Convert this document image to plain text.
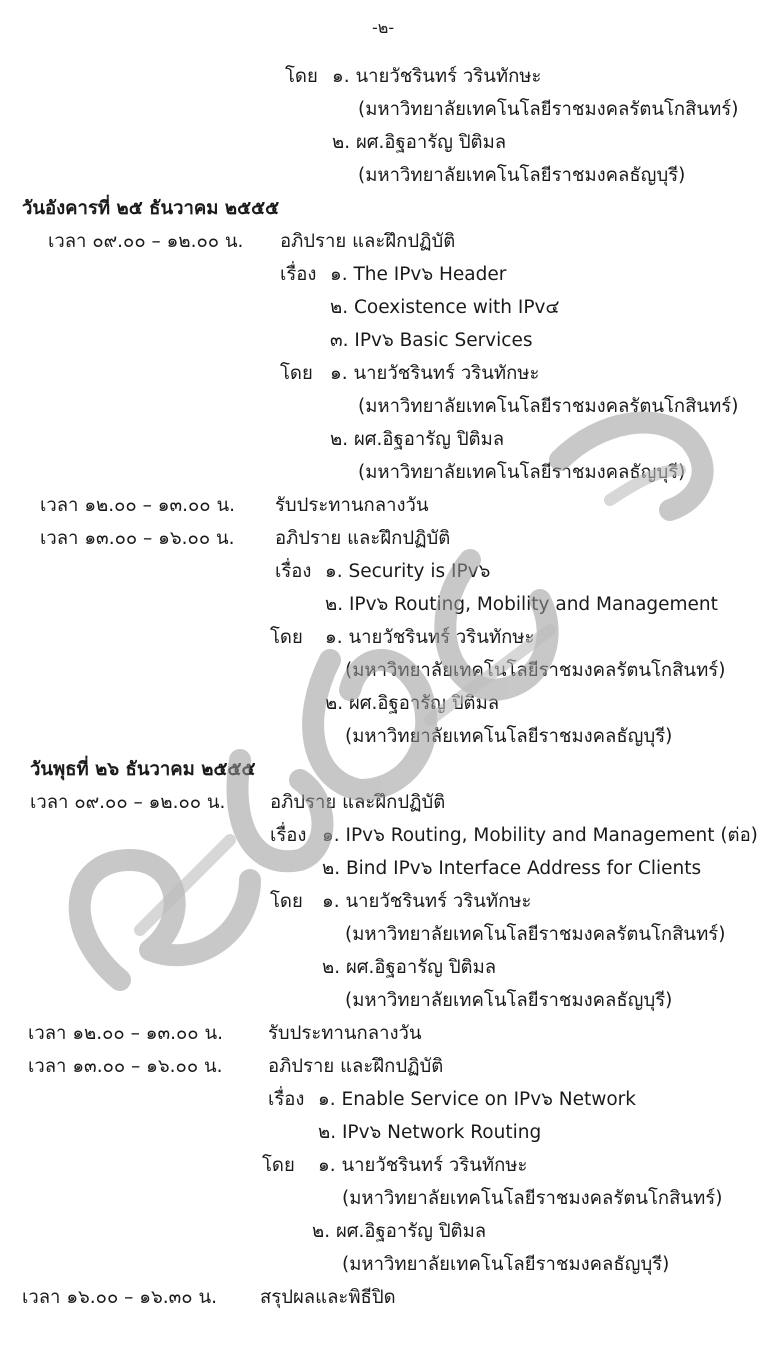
-๒-
โดย ๑. นายวัชรินทร์ วรินทักษะ
(มหาวิทยาลัยเทคโนโลยีราชมงคลรัตนโกสินทร์)
๒. ผศ.อิฐอารัญ ปิติมล
(มหาวิทยาลัยเทคโนโลยีราชมงคลธัญบุรี)
วันอังคารที่ ๒๕ ธันวาคม ๒๕๕๕
เวลา ๐๙.๐๐ – ๑๒.๐๐ น. อภิปราย และฝึกปฏิบัติ
เรื่อง ๑. The IPv๖ Header
๒. Coexistence with IPv๔
๓. IPv๖ Basic Services
โดย ๑. นายวัชรินทร์ วรินทักษะ
(มหาวิทยาลัยเทคโนโลยีราชมงคลรัตนโกสินทร์)
๒. ผศ.อิฐอารัญ ปิติมล
(มหาวิทยาลัยเทคโนโลยีราชมงคลธัญบุรี)
เวลา ๑๒.๐๐ – ๑๓.๐๐ น. รับประทานกลางวัน
เวลา ๑๓.๐๐ – ๑๖.๐๐ น. อภิปราย และฝึกปฏิบัติ
เรื่อง ๑. Security is IPv๖
๒. IPv๖ Routing, Mobility and Management
โดย ๑. นายวัชรินทร์ วรินทักษะ
(มหาวิทยาลัยเทคโนโลยีราชมงคลรัตนโกสินทร์)
๒. ผศ.อิฐอารัญ ปิติมล
(มหาวิทยาลัยเทคโนโลยีราชมงคลธัญบุรี)
วันพุธที่ ๒๖ ธันวาคม ๒๕๕๕
เวลา ๐๙.๐๐ – ๑๒.๐๐ น. อภิปราย และฝึกปฏิบัติ
เรื่อง ๑. IPv๖ Routing, Mobility and Management (ต่อ)
๒. Bind IPv๖ Interface Address for Clients
โดย ๑. นายวัชรินทร์ วรินทักษะ
(มหาวิทยาลัยเทคโนโลยีราชมงคลรัตนโกสินทร์)
๒. ผศ.อิฐอารัญ ปิติมล
(มหาวิทยาลัยเทคโนโลยีราชมงคลธัญบุรี)
เวลา ๑๒.๐๐ – ๑๓.๐๐ น. รับประทานกลางวัน
เวลา ๑๓.๐๐ – ๑๖.๐๐ น. อภิปราย และฝึกปฏิบัติ
เรื่อง ๑. Enable Service on IPv๖ Network
๒. IPv๖ Network Routing
โดย ๑. นายวัชรินทร์ วรินทักษะ
(มหาวิทยาลัยเทคโนโลยีราชมงคลรัตนโกสินทร์)
๒. ผศ.อิฐอารัญ ปิติมล
(มหาวิทยาลัยเทคโนโลยีราชมงคลธัญบุรี)
เวลา ๑๖.๐๐ – ๑๖.๓๐ น. สรุปผลและพิธีปิด
